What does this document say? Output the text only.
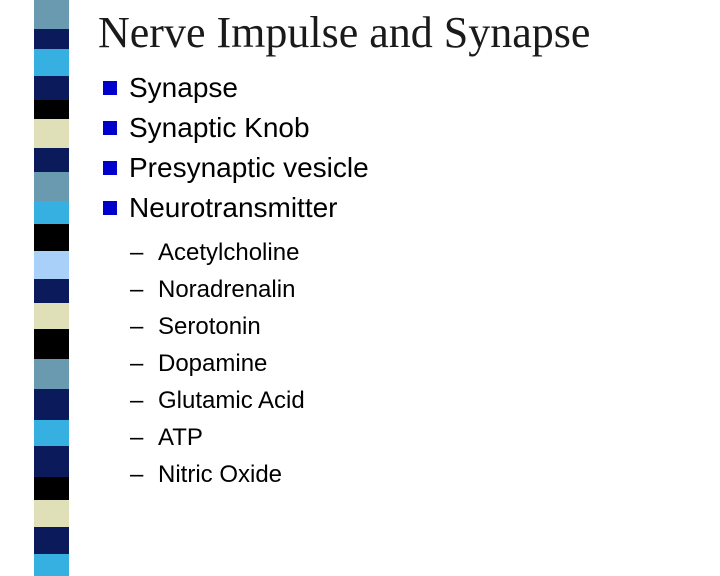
Nerve Impulse and Synapse
Synapse
Synaptic Knob
Presynaptic vesicle
Neurotransmitter
– Acetylcholine
– Noradrenalin
– Serotonin
– Dopamine
– Glutamic Acid
– ATP
– Nitric Oxide
